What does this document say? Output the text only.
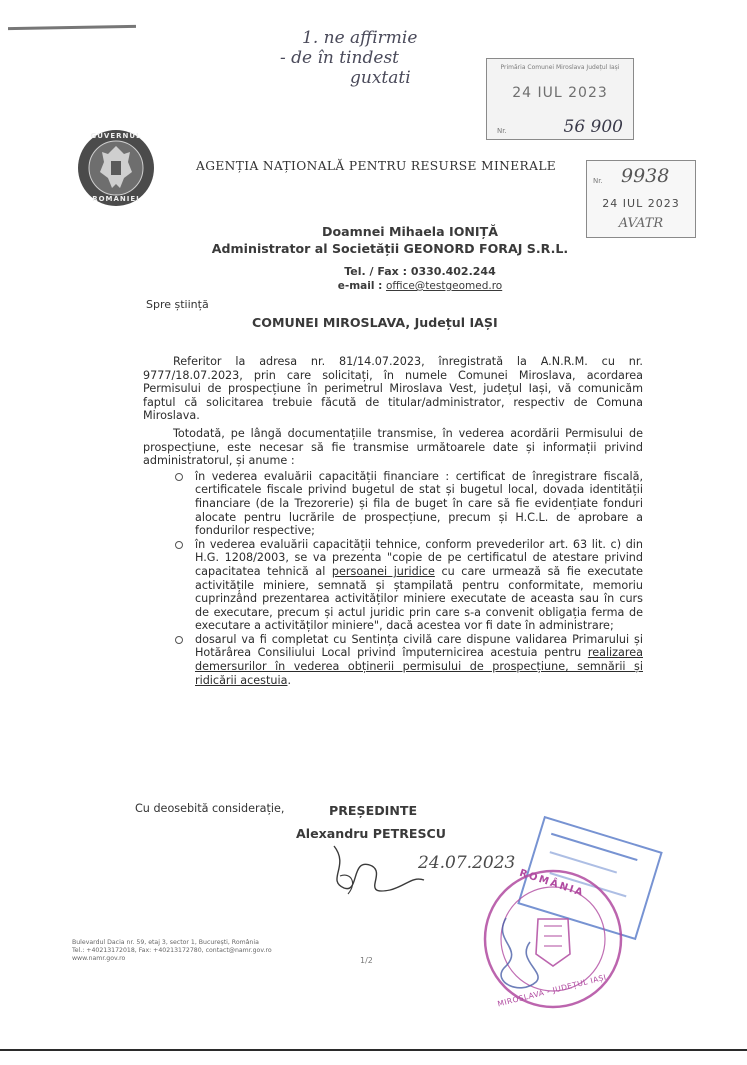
1. ne affirmie
- de în tindest
guxtati
Primăria Comunei Miroslava Județul Iași
24 IUL 2023
Nr.	56 900
GUVERNUL
ROMÂNIEI
AGENȚIA NAȚIONALĂ PENTRU RESURSE MINERALE
Nr. 9938
24 IUL 2023
AVATR
Doamnei Mihaela IONIȚĂ
Administrator al Societății GEONORD FORAJ S.R.L.
Tel. / Fax : 0330.402.244
e-mail : office@testgeomed.ro
Spre știință
COMUNEI MIROSLAVA, Județul IAȘI

Referitor la adresa nr. 81/14.07.2023, înregistrată la A.N.R.M. cu nr. 9777/18.07.2023, prin care solicitați, în numele Comunei Miroslava, acordarea Permisului de prospecțiune în perimetrul Miroslava Vest, județul Iași, vă comunicăm faptul că solicitarea trebuie făcută de titular/administrator, respectiv de Comuna Miroslava.

Totodată, pe lângă documentațiile transmise, în vederea acordării Permisului de prospecțiune, este necesar să fie transmise următoarele date și informații privind administratorul, și anume :

în vederea evaluării capacității financiare : certificat de înregistrare fiscală, certificatele fiscale privind bugetul de stat și bugetul local, dovada identității financiare (de la Trezorerie) și fila de buget în care să fie evidențiate fonduri alocate pentru lucrările de prospecțiune, precum și H.C.L. de aprobare a fondurilor respective;
în vederea evaluării capacității tehnice, conform prevederilor art. 63 lit. c) din H.G. 1208/2003, se va prezenta "copie de pe certificatul de atestare privind capacitatea tehnică al persoanei juridice cu care urmează să fie executate activitățile miniere, semnată și ștampilată pentru conformitate, memoriu cuprinzând prezentarea activităților miniere executate de aceasta sau în curs de executare, precum și actul juridic prin care s-a convenit obligația ferma de executare a activităților miniere", dacă acestea vor fi date în administrare;
dosarul va fi completat cu Sentința civilă care dispune validarea Primarului și Hotărârea Consiliului Local privind împuternicirea acestuia pentru realizarea demersurilor în vederea obținerii permisului de prospecțiune, semnării și ridicării acestuia.
Cu deosebită considerație,	PREȘEDINTE
Alexandru PETRESCU
24.07.2023
ROMÂNIA
MIROSLAVA - JUDEȚUL IAȘI
Bulevardul Dacia nr. 59, etaj 3, sector 1, București, România
Tel.: +40213172018, Fax: +40213172780, contact@namr.gov.ro
www.namr.gov.ro	1/2
